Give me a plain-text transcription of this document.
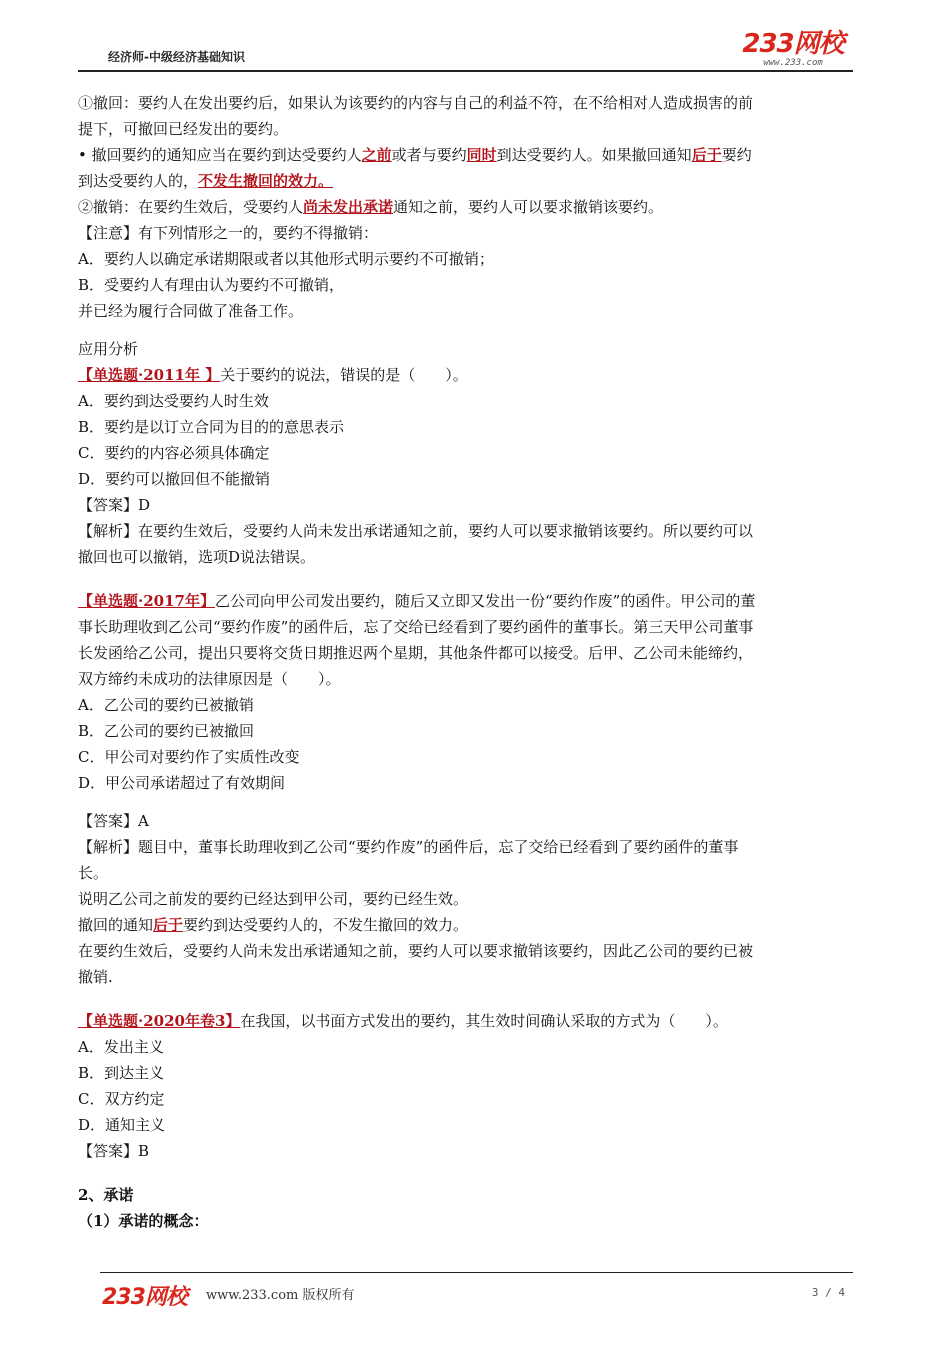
经济师-中级经济基础知识	233网校
www.233.com

①撤回：要约人在发出要约后，如果认为该要约的内容与自己的利益不符，在不给相对人造成损害的前

提下，可撤回已经发出的要约。

• 撤回要约的通知应当在要约到达受要约人之前或者与要约同时到达受要约人。如果撤回通知后于要约

到达受要约人的，不发生撤回的效力。

②撤销：在要约生效后，受要约人尚未发出承诺通知之前，要约人可以要求撤销该要约。

【注意】有下列情形之一的，要约不得撤销：

A．要约人以确定承诺期限或者以其他形式明示要约不可撤销；

B．受要约人有理由认为要约不可撤销，

并已经为履行合同做了准备工作。

应用分析

【单选题·2011年 】关于要约的说法，错误的是（　　）。

A．要约到达受要约人时生效

B．要约是以订立合同为目的的意思表示

C．要约的内容必须具体确定

D．要约可以撤回但不能撤销

【答案】D

【解析】在要约生效后，受要约人尚未发出承诺通知之前，要约人可以要求撤销该要约。所以要约可以

撤回也可以撤销，选项D说法错误。

【单选题·2017年】乙公司向甲公司发出要约，随后又立即又发出一份“要约作废”的函件。甲公司的董

事长助理收到乙公司“要约作废”的函件后，忘了交给已经看到了要约函件的董事长。第三天甲公司董事

长发函给乙公司，提出只要将交货日期推迟两个星期，其他条件都可以接受。后甲、乙公司未能缔约，

双方缔约未成功的法律原因是（　　）。

A．乙公司的要约已被撤销

B．乙公司的要约已被撤回

C．甲公司对要约作了实质性改变

D．甲公司承诺超过了有效期间

【答案】A

【解析】题目中，董事长助理收到乙公司“要约作废”的函件后，忘了交给已经看到了要约函件的董事

长。

说明乙公司之前发的要约已经达到甲公司，要约已经生效。

撤回的通知后于要约到达受要约人的，不发生撤回的效力。

在要约生效后，受要约人尚未发出承诺通知之前，要约人可以要求撤销该要约，因此乙公司的要约已被

撤销.

【单选题·2020年卷3】在我国，以书面方式发出的要约，其生效时间确认采取的方式为（　　）。

A．发出主义

B．到达主义

C．双方约定

D．通知主义

【答案】B

2、承诺

（1）承诺的概念：

233网校 www.233.com 版权所有	3 / 4
